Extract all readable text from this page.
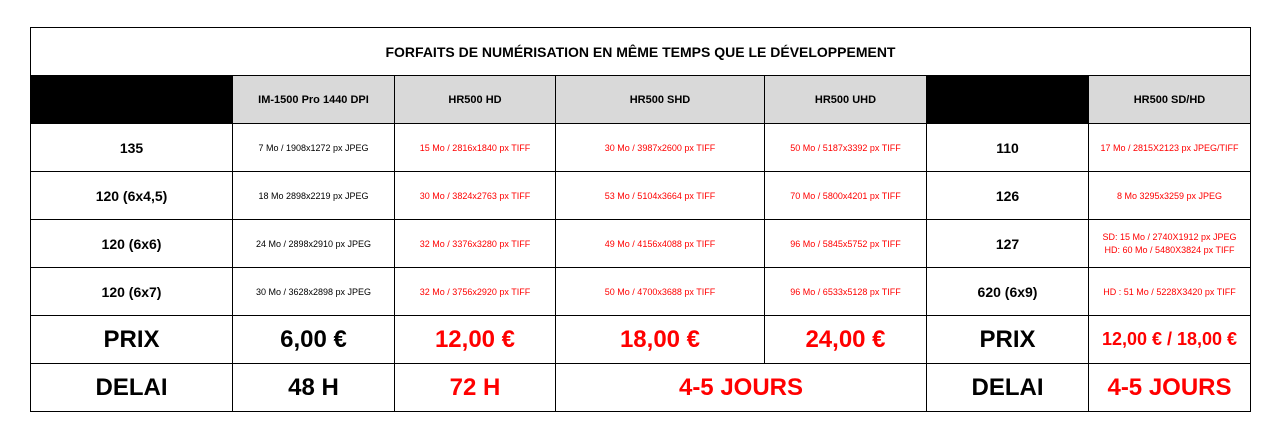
FORFAITS DE NUMÉRISATION EN MÊME TEMPS QUE LE DÉVELOPPEMENT						
	IM-1500 Pro 1440 DPI	HR500 HD	HR500 SHD	HR500 UHD		HR500 SD/HD
135	7 Mo / 1908x1272 px JPEG	15 Mo / 2816x1840 px TIFF	30 Mo / 3987x2600 px TIFF	50 Mo / 5187x3392 px TIFF	110	17 Mo / 2815X2123 px JPEG/TIFF
120 (6x4,5)	18 Mo 2898x2219 px JPEG	30 Mo / 3824x2763 px TIFF	53 Mo / 5104x3664 px TIFF	70 Mo / 5800x4201 px TIFF	126	8 Mo 3295x3259 px JPEG
120 (6x6)	24 Mo / 2898x2910 px JPEG	32 Mo / 3376x3280 px TIFF	49 Mo / 4156x4088 px TIFF	96 Mo / 5845x5752 px TIFF	127	SD: 15 Mo / 2740X1912 px JPEG
HD: 60 Mo / 5480X3824 px TIFF

120 (6x7)	30 Mo / 3628x2898 px JPEG	32 Mo / 3756x2920 px TIFF	50 Mo / 4700x3688 px TIFF	96 Mo / 6533x5128 px TIFF	620 (6x9)	HD : 51 Mo / 5228X3420 px TIFF
PRIX	6,00 €	12,00 €	18,00 €	24,00 €	PRIX	12,00 € / 18,00 €
DELAI	48 H	72 H	4-5 JOURS		DELAI	4-5 JOURS
